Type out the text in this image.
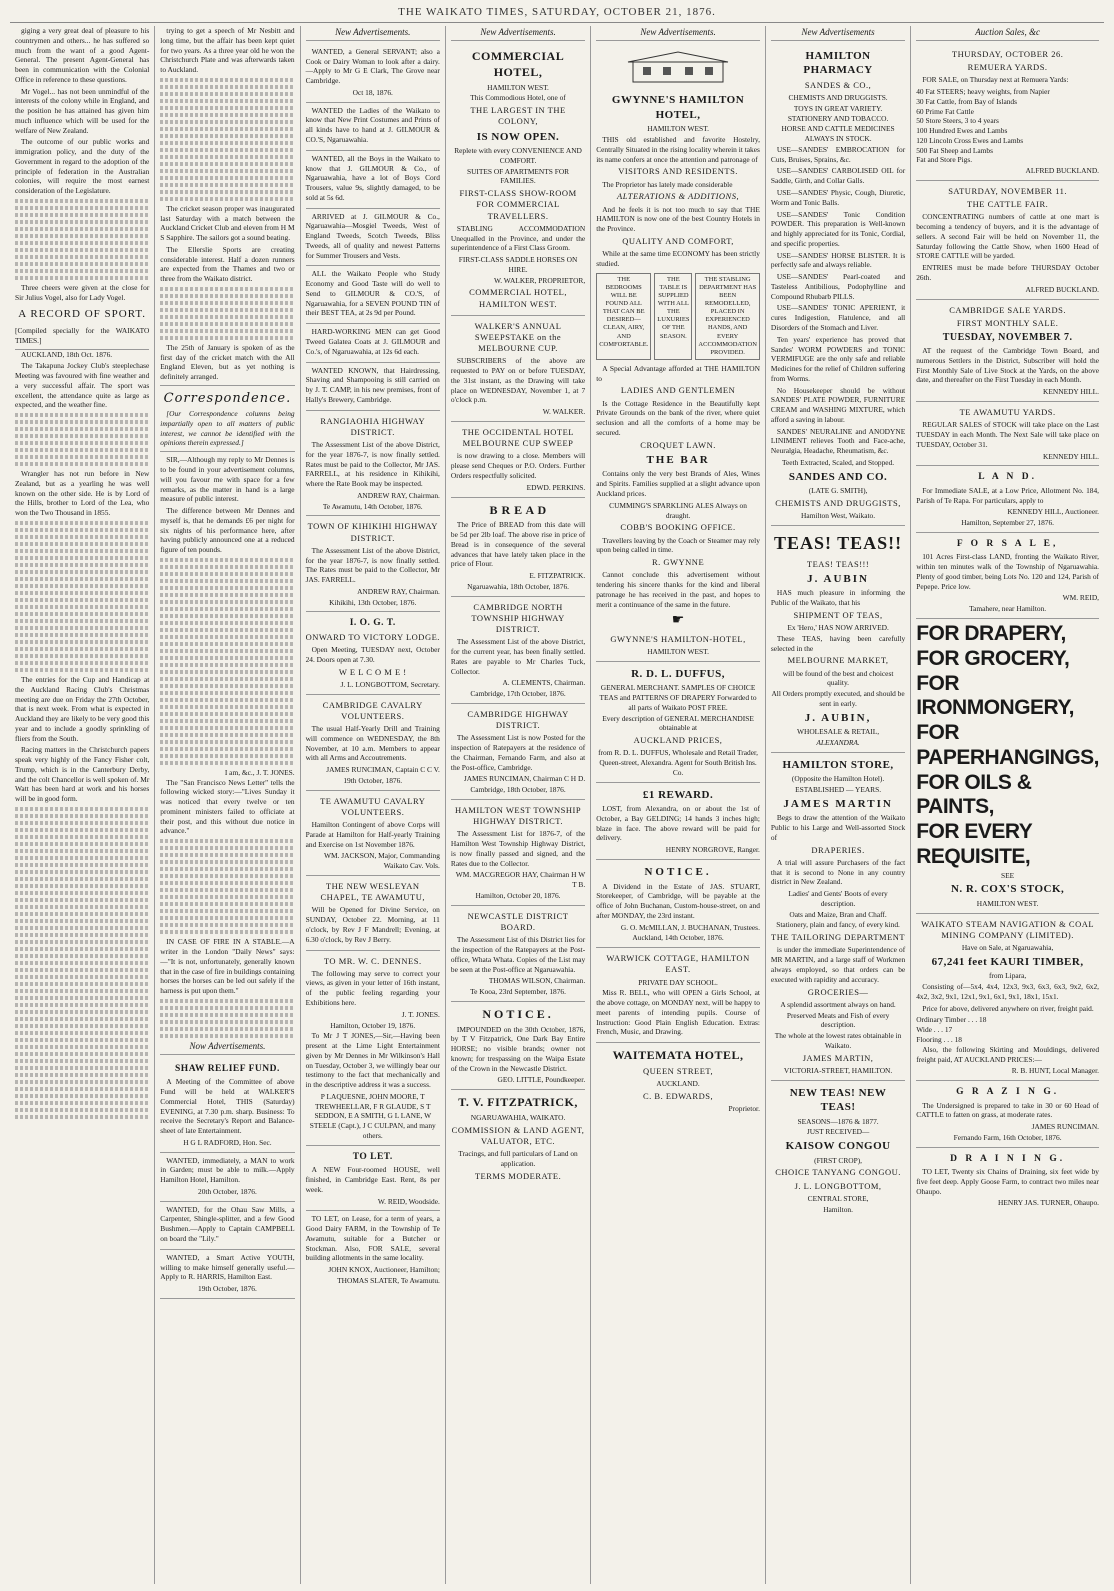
THE WAIKATO TIMES, SATURDAY, OCTOBER 21, 1876.

giging a very great deal of pleasure to his countrymen and others... he has suffered so much from the want of a good Agent-General. The present Agent-General has been in communication with the Colonial Office in reference to these questions.

Mr Vogel... has not been unmindful of the interests of the colony while in England, and the position he has attained has given him much influence which will be used for the welfare of New Zealand.

The outcome of our public works and immigration policy, and the duty of the Government in regard to the adoption of the principle of federation in the Australian colonies, will require the most earnest consideration of the Legislature.

Three cheers were given at the close for Sir Julius Vogel, also for Lady Vogel.

A RECORD OF SPORT.
[Compiled specially for the WAIKATO TIMES.]

AUCKLAND, 18th Oct. 1876.

The Takapuna Jockey Club's steeplechase Meeting was favoured with fine weather and a very successful affair. The sport was excellent, the attendance quite as large as expected, and the weather fine.

Wrangler has not run before in New Zealand, but as a yearling he was well known on the other side. He is by Lord of the Hills, brother to Lord of the Lea, who won the Two Thousand in 1855.

The entries for the Cup and Handicap at the Auckland Racing Club's Christmas meeting are due on Friday the 27th October, that is next week. From what is expected in Auckland they are likely to be very good this year and to include a goodly sprinkling of fliers from the South.

Racing matters in the Christchurch papers speak very highly of the Fancy Fisher colt, Trump, which is in the Canterbury Derby, and the colt Chancellor is well spoken of. Mr Watt has been hard at work and his horses will be in good form.

trying to get a speech of Mr Nesbitt and long time, but the affair has been kept quiet for two years. As a three year old he won the Christchurch Plate and was afterwards taken to Auckland.

The cricket season proper was inaugurated last Saturday with a match between the Auckland Cricket Club and eleven from H M S Sapphire. The sailors got a sound beating.

The Ellerslie Sports are creating considerable interest. Half a dozen runners are expected from the Thames and two or three from the Waikato district.

The 25th of January is spoken of as the first day of the cricket match with the All England Eleven, but as yet nothing is definitely arranged.

Correspondence.

[Our Correspondence columns being impartially open to all matters of public interest, we cannot be identified with the opinions therein expressed.]

SIR,—Although my reply to Mr Dennes is to be found in your advertisement columns, will you favour me with space for a few remarks, as the matter in hand is a large measure of public interest.

The difference between Mr Dennes and myself is, that he demands £6 per night for six nights of his performance here, after having publicly announced one at a reduced figure of ten pounds.

I am, &c., J. T. JONES.

The "San Francisco News Letter" tells the following wicked story:—"Lives Sunday it was noticed that every twelve or ten prominent ministers failed to officiate at their post, and this without due notice in advance."

IN CASE OF FIRE IN A STABLE.—A writer in the London "Daily News" says:—"It is not, unfortunately, generally known that in the case of fire in buildings containing horses the horses can be led out safely if the harness is put upon them."

Now Advertisements.
SHAW RELIEF FUND.

A Meeting of the Committee of above Fund will be held at WALKER'S Commercial Hotel, THIS (Saturday) EVENING, at 7.30 p.m. sharp. Business: To receive the Secretary's Report and Balance-sheet of late Entertainment.

H G L RADFORD, Hon. Sec.

WANTED, immediately, a MAN to work in Garden; must be able to milk.—Apply Hamilton Hotel, Hamilton.

20th October, 1876.

WANTED, for the Ohau Saw Mills, a Carpenter, Shingle-splitter, and a few Good Bushmen.—Apply to Captain CAMPBELL on board the "Lily."

WANTED, a Smart Active YOUTH, willing to make himself generally useful.—Apply to R. HARRIS, Hamilton East.

19th October, 1876.
New Advertisements.

WANTED, a General SERVANT; also a Cook or Dairy Woman to look after a dairy.—Apply to Mr G E Clark, The Grove near Cambridge.

Oct 18, 1876.

WANTED the Ladies of the Waikato to know that New Print Costumes and Prints of all kinds have to hand at J. GILMOUR & CO.'S, Ngaruawahia.

WANTED, all the Boys in the Waikato to know that J. GILMOUR & Co., of Ngaruawahia, have a lot of Boys Cord Trousers, value 9s, slightly damaged, to be sold at 5s 6d.

ARRIVED at J. GILMOUR & Co., Ngaruawahia—Mosgiel Tweeds, West of England Tweeds, Scotch Tweeds, Bliss Tweeds, all of quality and newest Patterns for Summer Trousers and Vests.

ALL the Waikato People who Study Economy and Good Taste will do well to Send to GILMOUR & CO.'S, of Ngaruawahia, for a SEVEN POUND TIN of their BEST TEA, at 2s 9d per Pound.

HARD-WORKING MEN can get Good Tweed Galatea Coats at J. GILMOUR and Co.'s, of Ngaruawahia, at 12s 6d each.

WANTED KNOWN, that Hairdressing, Shaving and Shampooing is still carried on by J. T. CAMP, in his new premises, front of Hally's Brewery, Cambridge.

RANGIAOHIA HIGHWAY DISTRICT.

The Assessment List of the above District, for the year 1876-7, is now finally settled. Rates must be paid to the Collector, Mr JAS. FARRELL, at his residence in Kihikihi, where the Rate Book may be inspected.

ANDREW RAY, Chairman.
Te Awamutu, 14th October, 1876.
TOWN OF KIHIKIHI HIGHWAY DISTRICT.

The Assessment List of the above District, for the year 1876-7, is now finally settled. The Rates must be paid to the Collector, Mr JAS. FARRELL.

ANDREW RAY, Chairman.
Kihikihi, 13th October, 1876.
I. O. G. T.
ONWARD TO VICTORY LODGE.

Open Meeting, TUESDAY next, October 24. Doors open at 7.30.

W E L C O M E !
J. L. LONGBOTTOM, Secretary.
CAMBRIDGE CAVALRY VOLUNTEERS.

The usual Half-Yearly Drill and Training will commence on WEDNESDAY, the 8th November, at 10 a.m. Members to appear with all Arms and Accoutrements.

JAMES RUNCIMAN, Captain C C V.
19th October, 1876.
TE AWAMUTU CAVALRY VOLUNTEERS.

Hamilton Contingent of above Corps will Parade at Hamilton for Half-yearly Training and Exercise on 1st November 1876.

WM. JACKSON, Major, Commanding Waikato Cav. Vols.
THE NEW WESLEYAN CHAPEL, TE AWAMUTU,

Will be Opened for Divine Service, on SUNDAY, October 22. Morning, at 11 o'clock, by Rev J F Mandrell; Evening, at 6.30 o'clock, by Rev J Berry.

TO MR. W. C. DENNES.

The following may serve to correct your views, as given in your letter of 16th instant, of the public feeling regarding your Exhibitions here.

J. T. JONES.
Hamilton, October 19, 1876.

To Mr J T JONES,—Sir,—Having been present at the Lime Light Entertainment given by Mr Dennes in Mr Wilkinson's Hall on Tuesday, October 3, we willingly bear our testimony to the fact that mechanically and in the descriptive address it was a success.

P LAQUESNE, JOHN MOORE, T TREWHEELLAR, F R GLAUDE, S T SEDDON, E A SMITH, G L LANE, W STEELE (Capt.), J C CULPAN, and many others.
TO LET.

A NEW Four-roomed HOUSE, well finished, in Cambridge East. Rent, 8s per week.

W. REID, Woodside.

TO LET, on Lease, for a term of years, a Good Dairy FARM, in the Township of Te Awamutu, suitable for a Butcher or Stockman. Also, FOR SALE, several building allotments in the same locality.

JOHN KNOX, Auctioneer, Hamilton;
THOMAS SLATER, Te Awamutu.
New Advertisements.
COMMERCIAL HOTEL,
HAMILTON WEST.
This Commodious Hotel, one of
THE LARGEST IN THE COLONY,
IS NOW OPEN.
Replete with every CONVENIENCE AND COMFORT.
SUITES OF APARTMENTS FOR FAMILIES.
FIRST-CLASS SHOW-ROOM FOR COMMERCIAL TRAVELLERS.

STABLING ACCOMMODATION Unequalled in the Province, and under the superintendence of a First Class Groom.

FIRST-CLASS SADDLE HORSES ON HIRE.
W. WALKER, PROPRIETOR,
COMMERCIAL HOTEL, HAMILTON WEST.
WALKER'S ANNUAL SWEEPSTAKE on the MELBOURNE CUP.

SUBSCRIBERS of the above are requested to PAY on or before TUESDAY, the 31st instant, as the Drawing will take place on WEDNESDAY, November 1, at 7 o'clock p.m.

W. WALKER.
THE OCCIDENTAL HOTEL MELBOURNE CUP SWEEP

is now drawing to a close. Members will please send Cheques or P.O. Orders. Further Orders respectfully solicited.

EDWD. PERKINS.
B R E A D

The Price of BREAD from this date will be 5d per 2lb loaf. The above rise in price of Bread is in consequence of the several advances that have lately taken place in the price of Flour.

E. FITZPATRICK.
Ngaruawahia, 18th October, 1876.
CAMBRIDGE NORTH TOWNSHIP HIGHWAY DISTRICT.

The Assessment List of the above District, for the current year, has been finally settled. Rates are payable to Mr Charles Tuck, Collector.

A. CLEMENTS, Chairman.
Cambridge, 17th October, 1876.
CAMBRIDGE HIGHWAY DISTRICT.

The Assessment List is now Posted for the inspection of Ratepayers at the residence of the Chairman, Fernando Farm, and also at the Post-office, Cambridge.

JAMES RUNCIMAN, Chairman C H D.
Cambridge, 18th October, 1876.
HAMILTON WEST TOWNSHIP HIGHWAY DISTRICT.

The Assessment List for 1876-7, of the Hamilton West Township Highway District, is now finally passed and signed, and the Rates due to the Collector.

WM. MACGREGOR HAY, Chairman H W T B.
Hamilton, October 20, 1876.
NEWCASTLE DISTRICT BOARD.

The Assessment List of this District lies for the inspection of the Ratepayers at the Post-office, Whata Whata. Copies of the List may be seen at the Post-office at Ngaruawahia.

THOMAS WILSON, Chairman.
Te Kooa, 23rd September, 1876.
NOTICE.

IMPOUNDED on the 30th October, 1876, by T V Fitzpatrick, One Dark Bay Entire HORSE; no visible brands; owner not known; for trespassing on the Waipa Estate of the Crown in the Newcastle District.

GEO. LITTLE, Poundkeeper.
T. V. FITZPATRICK,
NGARUAWAHIA, WAIKATO.
COMMISSION & LAND AGENT, VALUATOR, ETC.
Tracings, and full particulars of Land on application.
TERMS MODERATE.
New Advertisements.
GWYNNE'S HAMILTON HOTEL,
HAMILTON WEST.

THIS old established and favorite Hostelry, Centrally Situated in the rising locality wherein it takes its name confers at once the attention and patronage of

VISITORS AND RESIDENTS.

The Proprietor has lately made considerable

ALTERATIONS & ADDITIONS,

And he feels it is not too much to say that THE HAMILTON is now one of the best Country Hotels in the Province.

QUALITY AND COMFORT,

While at the same time ECONOMY has been strictly studied.

THE BEDROOMS WILL BE FOUND ALL THAT CAN BE DESIRED—CLEAN, AIRY, AND COMFORTABLE.
THE TABLE IS SUPPLIED WITH ALL THE LUXURIES OF THE SEASON.
THE STABLING DEPARTMENT HAS BEEN REMODELLED, PLACED IN EXPERIENCED HANDS, AND EVERY ACCOMMODATION PROVIDED.

A Special Advantage afforded at THE HAMILTON to

LADIES AND GENTLEMEN

Is the Cottage Residence in the Beautifully kept Private Grounds on the bank of the river, where quiet seclusion and all the comforts of a home may be secured.

CROQUET LAWN.
THE BAR

Contains only the very best Brands of Ales, Wines and Spirits. Families supplied at a slight advance upon Auckland prices.

CUMMING'S SPARKLING ALES Always on draught.
COBB'S BOOKING OFFICE.

Travellers leaving by the Coach or Steamer may rely upon being called in time.

R. GWYNNE

Cannot conclude this advertisement without tendering his sincere thanks for the kind and liberal patronage he has received in the past, and hopes to merit a continuance of the same in the future.

☛
GWYNNE'S HAMILTON-HOTEL,
HAMILTON WEST.
R. D. L. DUFFUS,
GENERAL MERCHANT. SAMPLES OF CHOICE TEAS and PATTERNS OF DRAPERY Forwarded to all parts of Waikato POST FREE.
Every description of GENERAL MERCHANDISE obtainable at
AUCKLAND PRICES,
from R. D. L. DUFFUS, Wholesale and Retail Trader, Queen-street, Alexandra. Agent for South British Ins. Co.
£1 REWARD.

LOST, from Alexandra, on or about the 1st of October, a Bay GELDING; 14 hands 3 inches high; blaze in face. The above reward will be paid for delivery.

HENRY NORGROVE, Ranger.
NOTICE.

A Dividend in the Estate of JAS. STUART, Storekeeper, of Cambridge, will be payable at the office of John Buchanan, Custom-house-street, on and after MONDAY, the 23rd instant.

G. O. McMILLAN, J. BUCHANAN, Trustees.
Auckland, 14th October, 1876.
WARWICK COTTAGE, HAMILTON EAST.
PRIVATE DAY SCHOOL.

Miss R. BELL, who will OPEN a Girls School, at the above cottage, on MONDAY next, will be happy to meet parents of intending pupils. Course of Instruction: Good Plain English Education. Extras: French, Music, and Drawing.

WAITEMATA HOTEL,
QUEEN STREET,
AUCKLAND.
C. B. EDWARDS,
Proprietor.
New Advertisements
HAMILTON PHARMACY
SANDES & CO.,
CHEMISTS AND DRUGGISTS.
TOYS IN GREAT VARIETY. STATIONERY AND TOBACCO.
HORSE AND CATTLE MEDICINES ALWAYS IN STOCK.

USE—SANDES' EMBROCATION for Cuts, Bruises, Sprains, &c.

USE—SANDES' CARBOLISED OIL for Saddle, Girth, and Collar Galls.

USE—SANDES' Physic, Cough, Diuretic, Worm and Tonic Balls.

USE—SANDES' Tonic Condition POWDER. This preparation is Well-known and highly appreciated for its Tonic, Cordial, and specific properties.

USE—SANDES' HORSE BLISTER. It is perfectly safe and always reliable.

USE—SANDES' Pearl-coated and Tasteless Antibilious, Podophylline and Compound Rhubarb PILLS.

USE—SANDES' TONIC APERIENT, it cures Indigestion, Flatulence, and all Disorders of the Stomach and Liver.

Ten years' experience has proved that Sandes' WORM POWDERS and TONIC VERMIFUGE are the only safe and reliable Medicines for the relief of Children suffering from Worms.

No Housekeeper should be without SANDES' PLATE POWDER, FURNITURE CREAM and WASHING MIXTURE, which afford a saving in labour.

SANDES' NEURALINE and ANODYNE LINIMENT relieves Tooth and Face-ache, Neuralgia, Headache, Rheumatism, &c.

Teeth Extracted, Scaled, and Stopped.
SANDES AND CO.
(LATE G. SMITH),
CHEMISTS AND DRUGGISTS,
Hamilton West, Waikato.
TEAS! TEAS!!
TEAS! TEAS!!!
J. AUBIN

HAS much pleasure in informing the Public of the Waikato, that his

SHIPMENT OF TEAS,
Ex 'Hero,' HAS NOW ARRIVED.

These TEAS, having been carefully selected in the

MELBOURNE MARKET,
will be found of the best and choicest quality.
All Orders promptly executed, and should be sent in early.
J. AUBIN,
WHOLESALE & RETAIL,
ALEXANDRA.
HAMILTON STORE,
(Opposite the Hamilton Hotel).
ESTABLISHED — YEARS.
JAMES MARTIN

Begs to draw the attention of the Waikato Public to his Large and Well-assorted Stock of

DRAPERIES.

A trial will assure Purchasers of the fact that it is second to None in any country district in New Zealand.

Ladies' and Gents' Boots of every description.
Oats and Maize, Bran and Chaff.
Stationery, plain and fancy, of every kind.
THE TAILORING DEPARTMENT

is under the immediate Superintendence of MR MARTIN, and a large staff of Workmen always employed, so that orders can be executed with rapidity and accuracy.

GROCERIES—
A splendid assortment always on hand.
Preserved Meats and Fish of every description.
The whole at the lowest rates obtainable in Waikato.
JAMES MARTIN,
VICTORIA-STREET, HAMILTON.
NEW TEAS! NEW TEAS!
SEASONS—1876 & 1877.
JUST RECEIVED—
KAISOW CONGOU
(FIRST CROP),
CHOICE TANYANG CONGOU.
J. L. LONGBOTTOM,
CENTRAL STORE,
Hamilton.
Auction Sales, &c
THURSDAY, OCTOBER 26.
REMUERA YARDS.

FOR SALE, on Thursday next at Remuera Yards:

40 Fat STEERS; heavy weights, from Napier
30 Fat Cattle, from Bay of Islands
60 Prime Fat Cattle
50 Store Steers, 3 to 4 years
100 Hundred Ewes and Lambs
120 Lincoln Cross Ewes and Lambs
500 Fat Sheep and Lambs
Fat and Store Pigs.
ALFRED BUCKLAND.
SATURDAY, NOVEMBER 11.
THE CATTLE FAIR.

CONCENTRATING numbers of cattle at one mart is becoming a tendency of buyers, and it is the advantage of sellers. A second Fair will be held on November 11, the Saturday following the Cattle Show, when 1600 Head of STORE CATTLE will be yarded.

ENTRIES must be made before THURSDAY October 26th.

ALFRED BUCKLAND.
CAMBRIDGE SALE YARDS.
FIRST MONTHLY SALE.
TUESDAY, NOVEMBER 7.

AT the request of the Cambridge Town Board, and numerous Settlers in the District, Subscriber will hold the First Monthly Sale of Live Stock at the Yards, on the above date, and thereafter on the First Tuesday in each Month.

KENNEDY HILL.
TE AWAMUTU YARDS.

REGULAR SALES of STOCK will take place on the Last TUESDAY in each Month. The Next Sale will take place on TUESDAY, October 31.

KENNEDY HILL.
L A N D.

For Immediate SALE, at a Low Price, Allotment No. 184, Parish of Te Rapa. For particulars, apply to

KENNEDY HILL, Auctioneer.
Hamilton, September 27, 1876.
F O R S A L E,

101 Acres First-class LAND, fronting the Waikato River, within ten minutes walk of the Township of Ngaruawahia. Plenty of good timber, being Lots No. 120 and 124, Parish of Pepepe. Price low.

WM. REID,
Tamahere, near Hamilton.
FOR DRAPERY,
FOR GROCERY,
FOR IRONMONGERY,
FOR PAPERHANGINGS,
FOR OILS & PAINTS,
FOR EVERY REQUISITE,
SEE
N. R. COX'S STOCK,
HAMILTON WEST.
WAIKATO STEAM NAVIGATION & COAL MINING COMPANY (LIMITED).
Have on Sale, at Ngaruawahia,
67,241 feet KAURI TIMBER,
from Lipara,

Consisting of—5x4, 4x4, 12x3, 9x3, 6x3, 6x3, 9x2, 6x2, 4x2, 3x2, 9x1, 12x1, 9x1, 6x1, 9x1, 18x1, 15x1.

Price for above, delivered anywhere on river, freight paid.

Ordinary Timber . . . 18
Wide . . . 17
Flooring . . . 18

Also, the following Skirting and Mouldings, delivered freight paid, AT AUCKLAND PRICES:—

R. B. HUNT, Local Manager.
G R A Z I N G.

The Undersigned is prepared to take in 30 or 60 Head of CATTLE to fatten on grass, at moderate rates.

JAMES RUNCIMAN.
Fernando Farm, 16th October, 1876.
D R A I N I N G.

TO LET, Twenty six Chains of Draining, six feet wide by five feet deep. Apply Goose Farm, to contract two miles near Ohaupo.

HENRY JAS. TURNER, Ohaupo.
